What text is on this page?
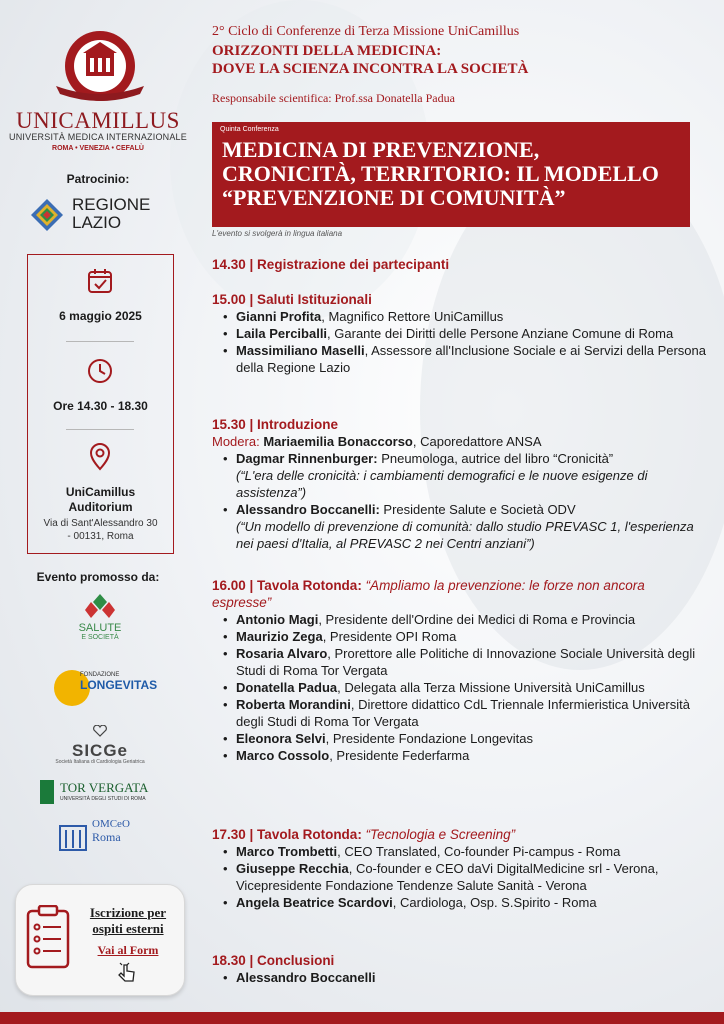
UNICAMILLUS
UNIVERSITÀ MEDICA INTERNAZIONALE
ROMA • VENEZIA • CEFALÙ
Patrocinio:
REGIONE
LAZIO
6 maggio 2025
Ore 14.30 - 18.30
UniCamillus
Auditorium
Via di Sant'Alessandro 30
- 00131, Roma
Evento promosso da:
SALUTE
E SOCIETÀ
FONDAZIONE
LONGEVITAS
SICGe
Società Italiana di Cardiologia Geriatrica
TOR VERGATA
UNIVERSITÀ DEGLI STUDI DI ROMA
OMCeO
Roma
Iscrizione per ospiti esterni
Vai al Form
2° Ciclo di Conferenze di Terza Missione UniCamillus
ORIZZONTI DELLA MEDICINA:
DOVE LA SCIENZA INCONTRA LA SOCIETÀ
Responsabile scientifica: Prof.ssa Donatella Padua
Quinta Conferenza
MEDICINA DI PREVENZIONE,
CRONICITÀ, TERRITORIO: IL MODELLO
“PREVENZIONE DI COMUNITÀ”
L'evento si svolgerà in lingua italiana
14.30 | Registrazione dei partecipanti
15.00 | Saluti Istituzionali
• Gianni Profita, Magnifico Rettore UniCamillus
• Laila Perciballi, Garante dei Diritti delle Persone Anziane Comune di Roma
• Massimiliano Maselli, Assessore all'Inclusione Sociale e ai Servizi della Persona della Regione Lazio
15.30 | Introduzione
Modera: Mariaemilia Bonaccorso, Caporedattore ANSA
• Dagmar Rinnenburger: Pneumologa, autrice del libro “Cronicità”
(“L'era delle cronicità: i cambiamenti demografici e le nuove esigenze di assistenza”)
• Alessandro Boccanelli: Presidente Salute e Società ODV
(“Un modello di prevenzione di comunità: dallo studio PREVASC 1, l'esperienza nei paesi d'Italia, al PREVASC 2 nei Centri anziani”)
16.00 | Tavola Rotonda: “Ampliamo la prevenzione: le forze non ancora espresse”
• Antonio Magi, Presidente dell'Ordine dei Medici di Roma e Provincia
• Maurizio Zega, Presidente OPI Roma
• Rosaria Alvaro, Prorettore alle Politiche di Innovazione Sociale Università degli Studi di Roma Tor Vergata
• Donatella Padua, Delegata alla Terza Missione Università UniCamillus
• Roberta Morandini, Direttore didattico CdL Triennale Infermieristica Università degli Studi di Roma Tor Vergata
• Eleonora Selvi, Presidente Fondazione Longevitas
• Marco Cossolo, Presidente Federfarma
17.30 | Tavola Rotonda: “Tecnologia e Screening”
• Marco Trombetti, CEO Translated, Co-founder Pi-campus - Roma
• Giuseppe Recchia, Co-founder e CEO daVi DigitalMedicine srl - Verona, Vicepresidente Fondazione Tendenze Salute Sanità - Verona
• Angela Beatrice Scardovi, Cardiologa, Osp. S.Spirito - Roma
18.30 | Conclusioni
• Alessandro Boccanelli
